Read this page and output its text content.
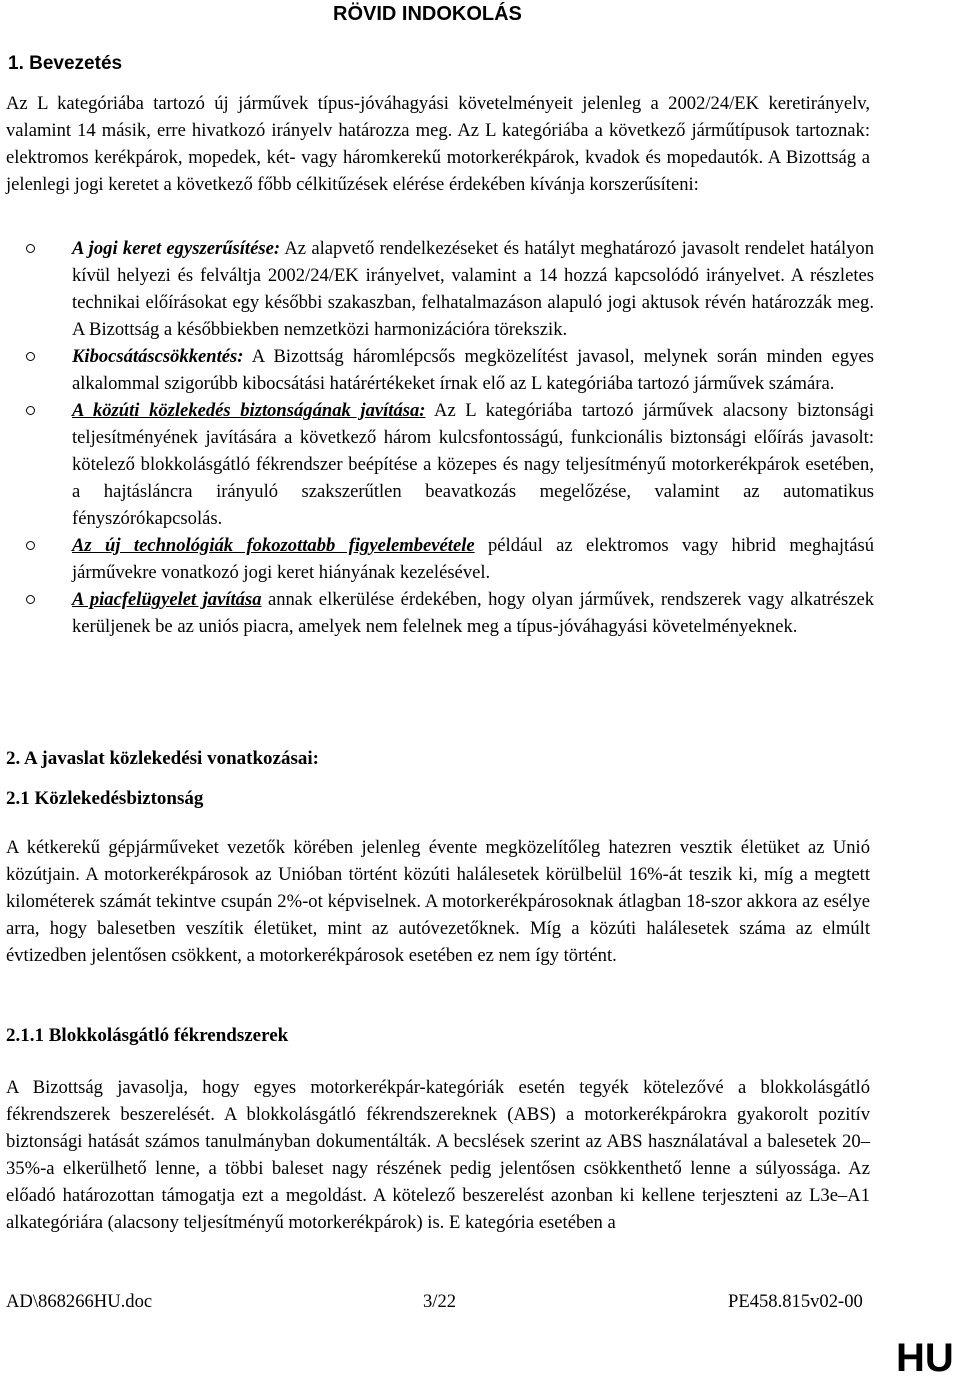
RÖVID INDOKOLÁS
1. Bevezetés

Az L kategóriába tartozó új járművek típus-jóváhagyási követelményeit jelenleg a 2002/24/EK keretirányelv, valamint 14 másik, erre hivatkozó irányelv határozza meg. Az L kategóriába a következő járműtípusok tartoznak: elektromos kerékpárok, mopedek, két- vagy háromkerekű motorkerékpárok, kvadok és mopedautók. A Bizottság a jelenlegi jogi keretet a következő főbb célkitűzések elérése érdekében kívánja korszerűsíteni:

A jogi keret egyszerűsítése: Az alapvető rendelkezéseket és hatályt meghatározó javasolt rendelet hatályon kívül helyezi és felváltja 2002/24/EK irányelvet, valamint a 14 hozzá kapcsolódó irányelvet. A részletes technikai előírásokat egy későbbi szakaszban, felhatalmazáson alapuló jogi aktusok révén határozzák meg. A Bizottság a későbbiekben nemzetközi harmonizációra törekszik.
Kibocsátáscsökkentés: A Bizottság háromlépcsős megközelítést javasol, melynek során minden egyes alkalommal szigorúbb kibocsátási határértékeket írnak elő az L kategóriába tartozó járművek számára.
A közúti közlekedés biztonságának javítása: Az L kategóriába tartozó járművek alacsony biztonsági teljesítményének javítására a következő három kulcsfontosságú, funkcionális biztonsági előírás javasolt: kötelező blokkolásgátló fékrendszer beépítése a közepes és nagy teljesítményű motorkerékpárok esetében, a hajtásláncra irányuló szakszerűtlen beavatkozás megelőzése, valamint az automatikus fényszórókapcsolás.
Az új technológiák fokozottabb figyelembevétele például az elektromos vagy hibrid meghajtású járművekre vonatkozó jogi keret hiányának kezelésével.
A piacfelügyelet javítása annak elkerülése érdekében, hogy olyan járművek, rendszerek vagy alkatrészek kerüljenek be az uniós piacra, amelyek nem felelnek meg a típus-jóváhagyási követelményeknek.
2. A javaslat közlekedési vonatkozásai:
2.1 Közlekedésbiztonság

A kétkerekű gépjárműveket vezetők körében jelenleg évente megközelítőleg hatezren vesztik életüket az Unió közútjain. A motorkerékpárosok az Unióban történt közúti halálesetek körülbelül 16%-át teszik ki, míg a megtett kilométerek számát tekintve csupán 2%-ot képviselnek. A motorkerékpárosoknak átlagban 18-szor akkora az esélye arra, hogy balesetben veszítik életüket, mint az autóvezetőknek. Míg a közúti halálesetek száma az elmúlt évtizedben jelentősen csökkent, a motorkerékpárosok esetében ez nem így történt.

2.1.1 Blokkolásgátló fékrendszerek

A Bizottság javasolja, hogy egyes motorkerékpár-kategóriák esetén tegyék kötelezővé a blokkolásgátló fékrendszerek beszerelését. A blokkolásgátló fékrendszereknek (ABS) a motorkerékpárokra gyakorolt pozitív biztonsági hatását számos tanulmányban dokumentálták. A becslések szerint az ABS használatával a balesetek 20–35%-a elkerülhető lenne, a többi baleset nagy részének pedig jelentősen csökkenthető lenne a súlyossága. Az előadó határozottan támogatja ezt a megoldást. A kötelező beszerelést azonban ki kellene terjeszteni az L3e–A1 alkategóriára (alacsony teljesítményű motorkerékpárok) is. E kategória esetében a

AD\868266HU.doc	3/22	PE458.815v02-00
HU
